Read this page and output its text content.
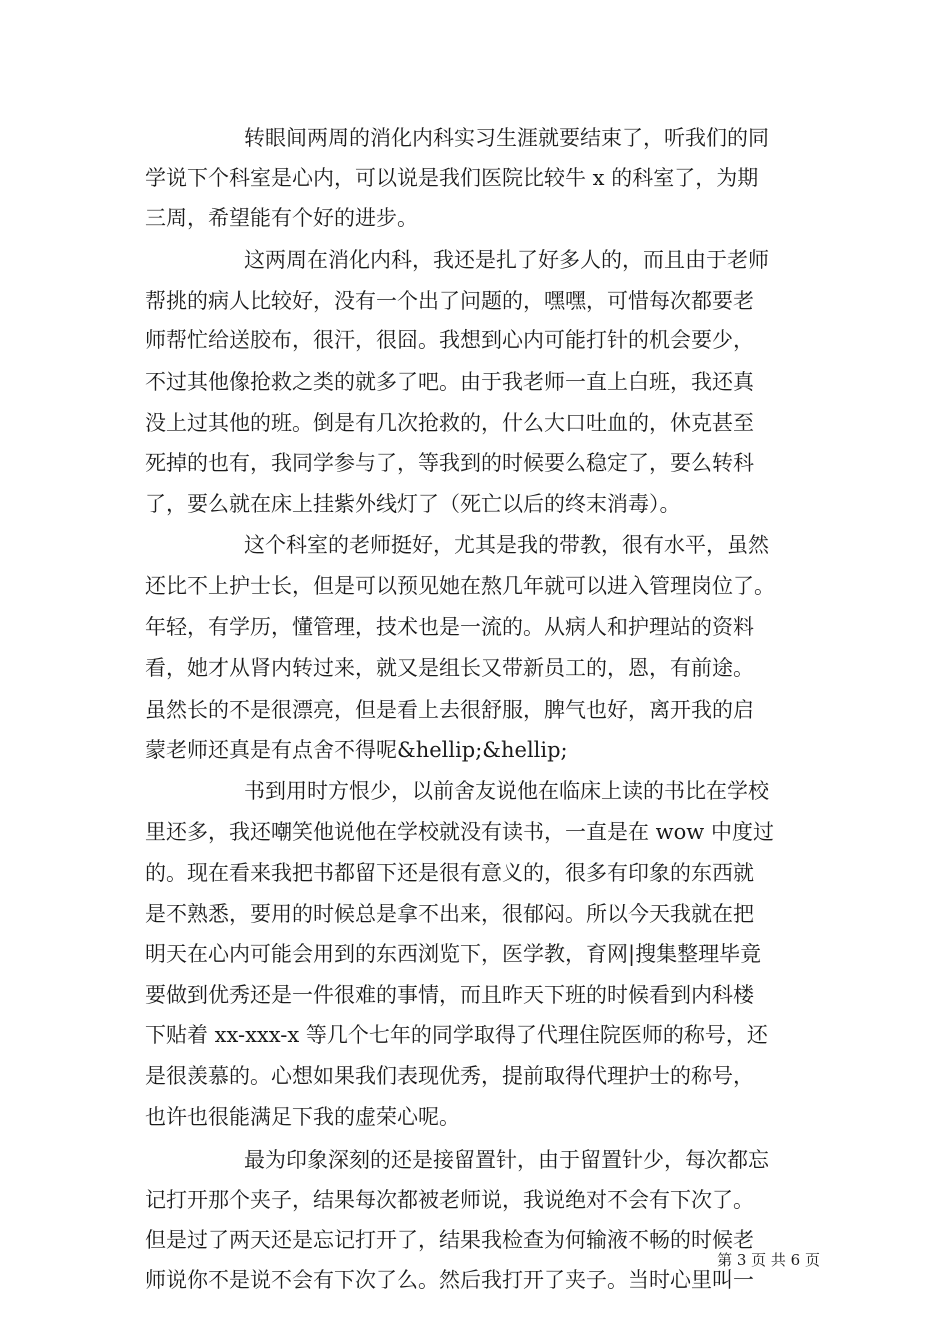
转眼间两周的消化内科实习生涯就要结束了，听我们的同
学说下个科室是心内，可以说是我们医院比较牛 x 的科室了，为期
三周，希望能有个好的进步。
这两周在消化内科，我还是扎了好多人的，而且由于老师
帮挑的病人比较好，没有一个出了问题的，嘿嘿，可惜每次都要老
师帮忙给送胶布，很汗，很囧。我想到心内可能打针的机会要少，
不过其他像抢救之类的就多了吧。由于我老师一直上白班，我还真
没上过其他的班。倒是有几次抢救的，什么大口吐血的，休克甚至
死掉的也有，我同学参与了，等我到的时候要么稳定了，要么转科
了，要么就在床上挂紫外线灯了（死亡以后的终末消毒）。
这个科室的老师挺好，尤其是我的带教，很有水平，虽然
还比不上护士长，但是可以预见她在熬几年就可以进入管理岗位了。
年轻，有学历，懂管理，技术也是一流的。从病人和护理站的资料
看，她才从肾内转过来，就又是组长又带新员工的，恩，有前途。
虽然长的不是很漂亮，但是看上去很舒服，脾气也好，离开我的启
蒙老师还真是有点舍不得呢&hellip;&hellip;
书到用时方恨少，以前舍友说他在临床上读的书比在学校
里还多，我还嘲笑他说他在学校就没有读书，一直是在 wow 中度过
的。现在看来我把书都留下还是很有意义的，很多有印象的东西就
是不熟悉，要用的时候总是拿不出来，很郁闷。所以今天我就在把
明天在心内可能会用到的东西浏览下，医学教，育网|搜集整理毕竟
要做到优秀还是一件很难的事情，而且昨天下班的时候看到内科楼
下贴着 xx-xxx-x 等几个七年的同学取得了代理住院医师的称号，还
是很羡慕的。心想如果我们表现优秀，提前取得代理护士的称号，
也许也很能满足下我的虚荣心呢。
最为印象深刻的还是接留置针，由于留置针少，每次都忘
记打开那个夹子，结果每次都被老师说，我说绝对不会有下次了。
但是过了两天还是忘记打开了，结果我检查为何输液不畅的时候老
师说你不是说不会有下次了么。然后我打开了夹子。当时心里叫一
第 3 页 共 6 页
